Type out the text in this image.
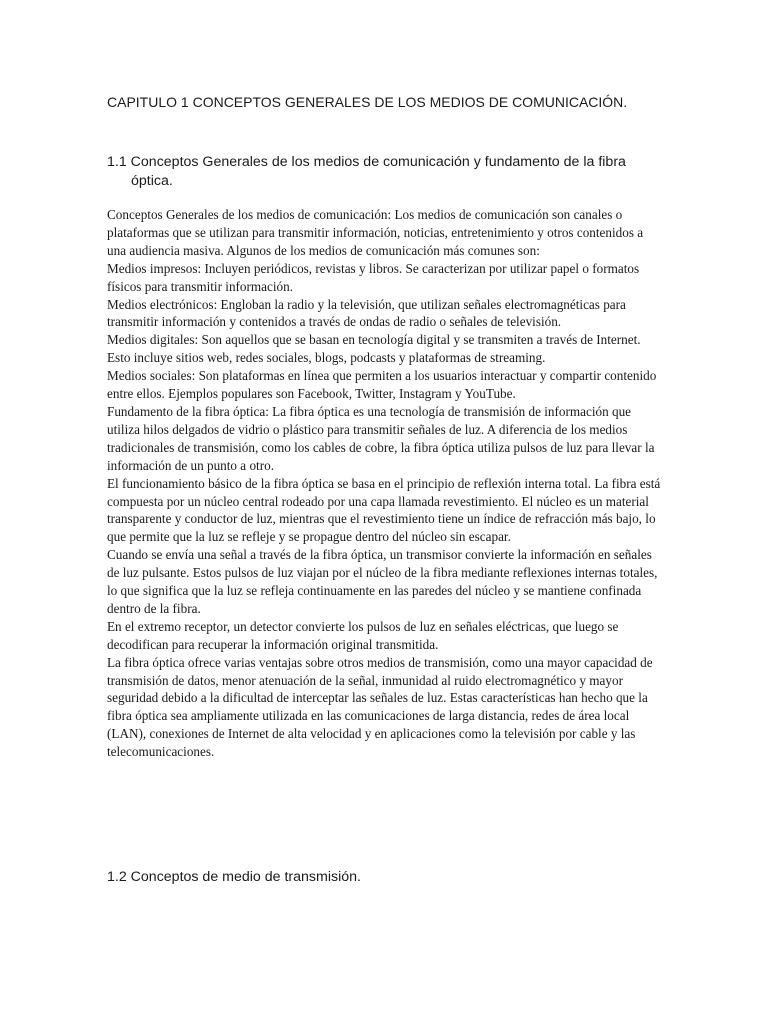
CAPITULO 1 CONCEPTOS GENERALES DE LOS MEDIOS DE COMUNICACIÓN.
1.1 Conceptos Generales de los medios de comunicación y fundamento de la fibra óptica.

Conceptos Generales de los medios de comunicación: Los medios de comunicación son canales o plataformas que se utilizan para transmitir información, noticias, entretenimiento y otros contenidos a una audiencia masiva. Algunos de los medios de comunicación más comunes son:

Medios impresos: Incluyen periódicos, revistas y libros. Se caracterizan por utilizar papel o formatos físicos para transmitir información.

Medios electrónicos: Engloban la radio y la televisión, que utilizan señales electromagnéticas para transmitir información y contenidos a través de ondas de radio o señales de televisión.

Medios digitales: Son aquellos que se basan en tecnología digital y se transmiten a través de Internet. Esto incluye sitios web, redes sociales, blogs, podcasts y plataformas de streaming.

Medios sociales: Son plataformas en línea que permiten a los usuarios interactuar y compartir contenido entre ellos. Ejemplos populares son Facebook, Twitter, Instagram y YouTube.

Fundamento de la fibra óptica: La fibra óptica es una tecnología de transmisión de información que utiliza hilos delgados de vidrio o plástico para transmitir señales de luz. A diferencia de los medios tradicionales de transmisión, como los cables de cobre, la fibra óptica utiliza pulsos de luz para llevar la información de un punto a otro.

El funcionamiento básico de la fibra óptica se basa en el principio de reflexión interna total. La fibra está compuesta por un núcleo central rodeado por una capa llamada revestimiento. El núcleo es un material transparente y conductor de luz, mientras que el revestimiento tiene un índice de refracción más bajo, lo que permite que la luz se refleje y se propague dentro del núcleo sin escapar.

Cuando se envía una señal a través de la fibra óptica, un transmisor convierte la información en señales de luz pulsante. Estos pulsos de luz viajan por el núcleo de la fibra mediante reflexiones internas totales, lo que significa que la luz se refleja continuamente en las paredes del núcleo y se mantiene confinada dentro de la fibra.

En el extremo receptor, un detector convierte los pulsos de luz en señales eléctricas, que luego se decodifican para recuperar la información original transmitida.

La fibra óptica ofrece varias ventajas sobre otros medios de transmisión, como una mayor capacidad de transmisión de datos, menor atenuación de la señal, inmunidad al ruido electromagnético y mayor seguridad debido a la dificultad de interceptar las señales de luz. Estas características han hecho que la fibra óptica sea ampliamente utilizada en las comunicaciones de larga distancia, redes de área local (LAN), conexiones de Internet de alta velocidad y en aplicaciones como la televisión por cable y las telecomunicaciones.

1.2 Conceptos de medio de transmisión.
